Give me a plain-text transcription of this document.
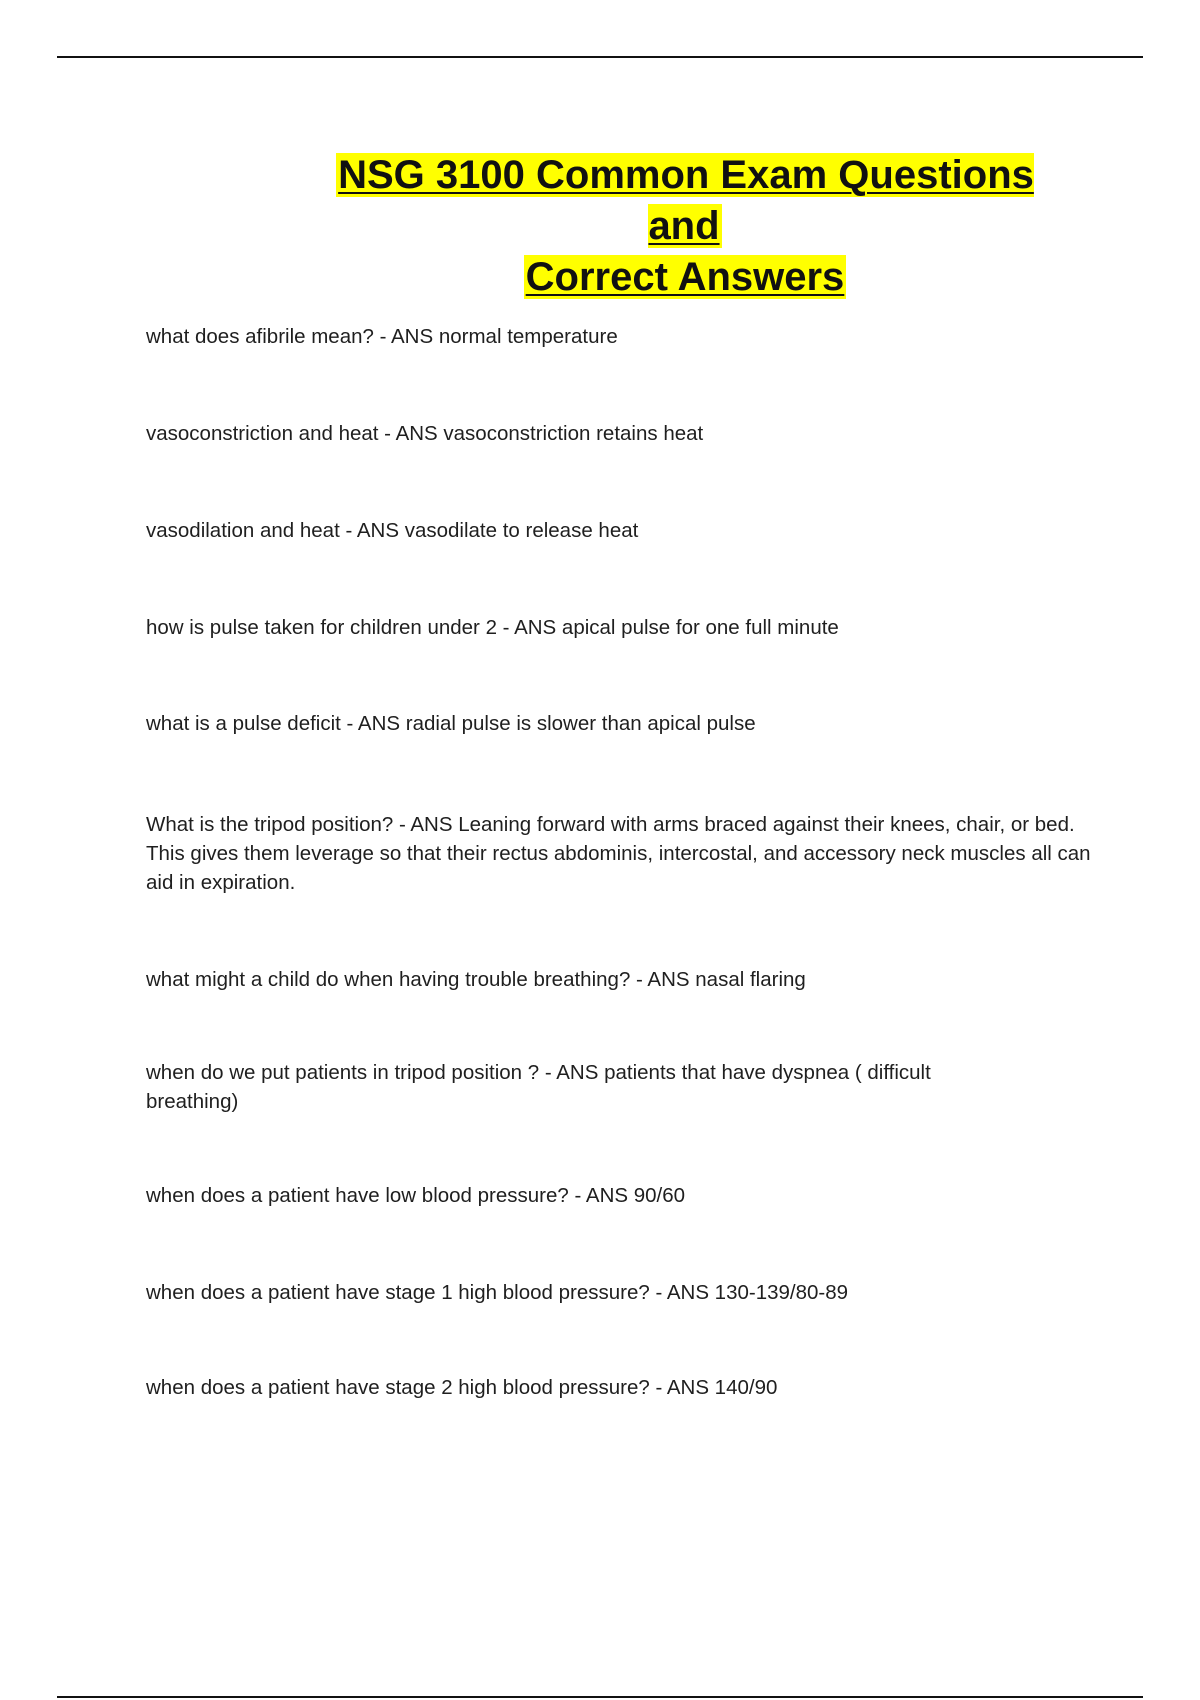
NSG 3100 Common Exam Questions and
Correct Answers
what does afibrile mean? - ANS normal temperature
vasoconstriction and heat - ANS vasoconstriction retains heat
vasodilation and heat - ANS vasodilate to release heat
how is pulse taken for children under 2 - ANS apical pulse for one full minute
what is a pulse deficit - ANS radial pulse is slower than apical pulse
What is the tripod position? - ANS Leaning forward with arms braced against their knees, chair, or bed. This gives them leverage so that their rectus abdominis, intercostal, and accessory neck muscles all can aid in expiration.
what might a child do when having trouble breathing? - ANS nasal flaring
when do we put patients in tripod position ? - ANS patients that have dyspnea ( difficult breathing)
when does a patient have low blood pressure? - ANS 90/60
when does a patient have stage 1 high blood pressure? - ANS 130-139/80-89
when does a patient have stage 2 high blood pressure? - ANS 140/90
